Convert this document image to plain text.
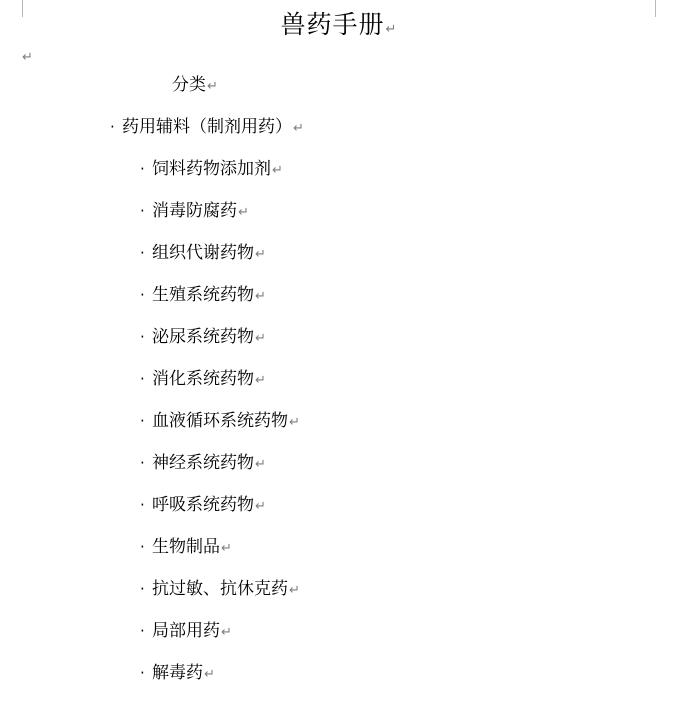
兽药手册↵
↵
分类↵
· 药用辅料（制剂用药）↵
· 饲料药物添加剂↵
· 消毒防腐药↵
· 组织代谢药物↵
· 生殖系统药物↵
· 泌尿系统药物↵
· 消化系统药物↵
· 血液循环系统药物↵
· 神经系统药物↵
· 呼吸系统药物↵
· 生物制品↵
· 抗过敏、抗休克药↵
· 局部用药↵
· 解毒药↵
